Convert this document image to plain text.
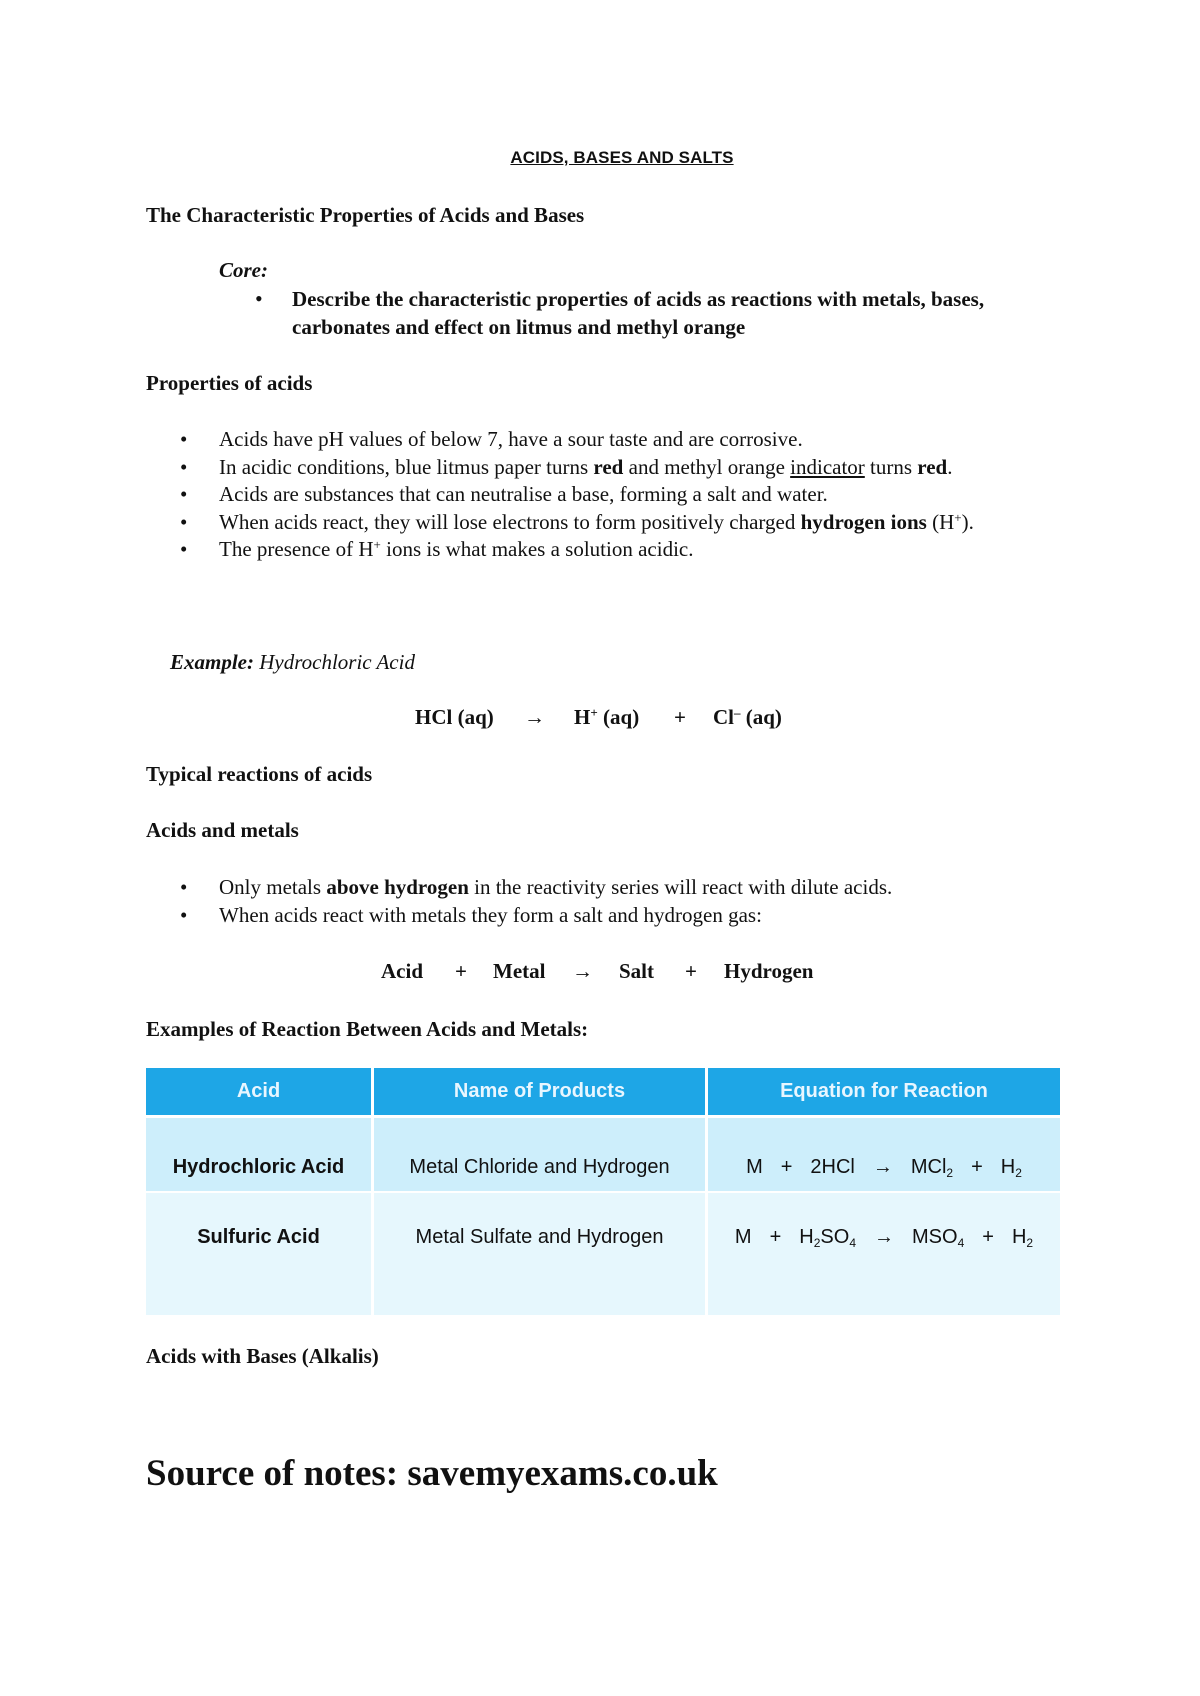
ACIDS, BASES AND SALTS
The Characteristic Properties of Acids and Bases
Core:
• Describe the characteristic properties of acids as reactions with metals, bases, carbonates and effect on litmus and methyl orange
Properties of acids
• Acids have pH values of below 7, have a sour taste and are corrosive.
• In acidic conditions, blue litmus paper turns red and methyl orange indicator turns red.
• Acids are substances that can neutralise a base, forming a salt and water.
• When acids react, they will lose electrons to form positively charged hydrogen ions (H+).
• The presence of H+ ions is what makes a solution acidic.
Example: Hydrochloric Acid
HCl (aq) → H+ (aq) + Cl– (aq)
Typical reactions of acids
Acids and metals
• Only metals above hydrogen in the reactivity series will react with dilute acids.
• When acids react with metals they form a salt and hydrogen gas:
Acid + Metal → Salt + Hydrogen
Examples of Reaction Between Acids and Metals:
Acid	Name of Products	Equation for Reaction
Hydrochloric Acid	Metal Chloride and Hydrogen	$M + 2HCl \to MCl_2 + H_2$
Sulfuric Acid	Metal Sulfate and Hydrogen	$M + H_2SO_4 \to MSO_4 + H_2$
Acids with Bases (Alkalis)
Source of notes: savemyexams.co.uk
